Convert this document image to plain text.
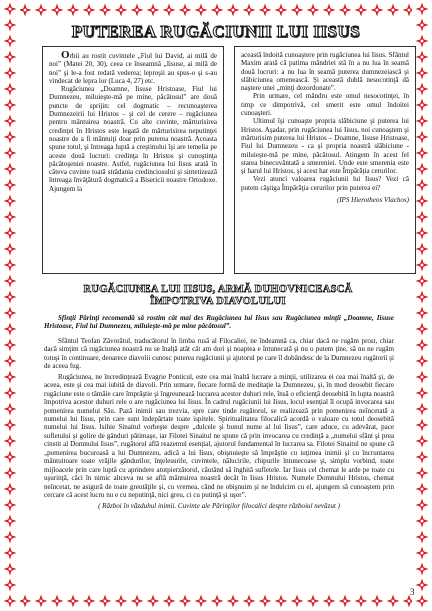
PUTEREA RUGĂCIUNII LUI IISUS

Orbii au rostit cuvintele „Fiul lui David, ai milă de noi” (Matei 20, 30), ceea ce înseamnă „Iisuse, ai milă de noi” şi le-a fost redată vederea; leproşii au spus-o şi s-au vindecat de lepra lor (Luca 4, 27) etc.

Rugăciunea „Doamne, Iisuse Hristoase, Fiul lui Dumnezeu, miluieşte-mă pe mine, păcătosul” are două puncte de sprijin: cel dogmatic – recunoaşterea Dumnezeirii lui Hristos – şi cel de cerere – rugăciunea pentru mântuirea noastră. Cu alte cuvinte, mărturisirea credinţei în Hristos este legată de mărturisirea neputinţei noastre de a fi mântuiţi doar prin puterea noastră. Aceasta spune totul, şi întreaga luptă a creştinului îşi are temelia pe aceste două lucruri: credinţa în Hristos şi cunoştinţa păcătoşeniei noastre. Astfel, rugăciunea lui Iisus arată în câteva cuvinte toată strădania credinciosului şi sintetizează întreaga învăţătură dogmatică a Bisericii noastre Ortodoxe. Ajungem la

această îndoită cunoaştere prin rugăciunea lui Iisus. Sfântul Maxim arată că patima mândriei stă în a nu lua în seamă două lucruri: a nu lua în seamă puterea dumnezeiască şi slăbiciunea omenească. Şi această dublă nesocotinţă dă naştere unei „minţi dezordonate”.

Prin urmare, cel mândru este omul nesocotinţei, în timp ce dimpotrivă, cel smerit este omul îndoitei cunoaşteri.

Ultimul îşi cunoaşte propria slăbiciune şi puterea lui Hristos. Aşadar, prin rugăciunea lui Iisus, noi cunoaştem şi mărturisim puterea lui Hristos – Doamne, Iisuse Hristoase, Fiul lui Dumnezeu - ca şi propria noastră slăbiciune - miluieşte-mă pe mine, păcătosul. Atingem în acest fel starea binecuvântată a smereniei. Unde este smerenia este şi harul lui Hristos, şi acest har este Împărăţia cerurilor.

Vezi atunci valoarea rugăciunii lui Iisus? Vezi că putem câştiga Împărăţia cerurilor prin puterea ei?

(IPS Hierotheos Vlachos)

RUGĂCIUNEA LUI IISUS, ARMĂ DUHOVNICEASCĂ
ÎMPOTRIVA DIAVOLULUI

Sfinţii Părinţi recomandă să rostim cât mai des Rugăciunea lui Iisus sau Rugăciunea minţii „Doamne, Iisuse Hristoase, Fiul lui Dumnezeu, miluieşte-mă pe mine păcătosul”.

Sfântul Teofan Zăvorâtul, traducătorul în limba rusă al Filocaliei, ne îndeamnă ca, chiar dacă ne rugăm prost, chiar dacă simţim că rugăciunea noastră nu se înalţă atât cât am dori şi noaptea e întunecată şi nu o putem ţine, să nu ne rugăm totuşi în continuare, deoarece diavolii cunosc puterea rugăciunii şi ajutorul pe care îl dobândesc de la Dumnezeu rugătorii şi de aceea fug.

Rugăciunea, ne încredinţează Evagrie Ponticul, este cea mai înaltă lucrare a minţii, utilizarea ei cea mai înaltă şi, de aceea, este şi cea mai iubită de diavoli. Prin urmare, fiecare formă de meditaţie la Dumnezeu, şi, în mod deosebit fiecare rugăciune este o tămâie care împrăştie şi îngreunează lucrarea acestor duhuri rele, însă o eficienţă deosebită în lupta noastră împotriva acestor duhuri rele o are rugăciunea lui Iisus. În cadrul rugăciunii lui Iisus, locul esenţial îl ocupă invocarea sau pomenirea numelui Său. Pază inimii sau trezvia, spre care tinde rugătorul, se realizează prin pomenirea neîncetată a numelui lui Iisus, prin care sunt îndepărtate toate ispitele. Spiritualitatea filocalică acordă o valoare cu totul deosebită numelui lui Iisus. Isihie Sinaitul vorbeşte despre „dulcele şi bunul nume al lui Iisus”, care aduce, cu adevărat, pace sufletului şi golire de gânduri pătimaşe, iar Filotei Sinaitul ne spune că prin invocarea cu credinţă a „numelui sfânt şi prea cinstit al Domnului Iisus”, rugătorul află reazemul esenţial, ajutorul fundamental în lucrarea sa. Filotei Sinaitul ne spune că „pomenirea bucuroasă a lui Dumnezeu, adică a lui Iisus, obişnuieşte să împrăştie cu iuţimea inimii şi cu încruntarea mântuitoare toate vrăjile gândurilor, înţelesurile, cuvintele, nălucirile, chipurile întunecoase şi, simplu vorbind, toate mijloacele prin care luptă cu aprindere atotpierzătorul, căutând să înghită sufletele. Iar Iisus cel chemat le arde pe toate cu uşurinţă, căci în nimic altceva nu se află mântuirea noastră decât în Iisus Hristos. Numele Domnului Hristos, chemat neîncetat, ne asigură de toate greutăţile şi, cu vremea, când ne obişnuim şi ne îndulcim cu el, ajungem să cunoaştem prin cercare că acest lucru nu e cu neputinţă, nici greu, ci cu putinţă şi uşor”.

( Război în văzduhul inimii. Cuvinte ale Părinţilor filocalici despre războiul nevăzut )

3
